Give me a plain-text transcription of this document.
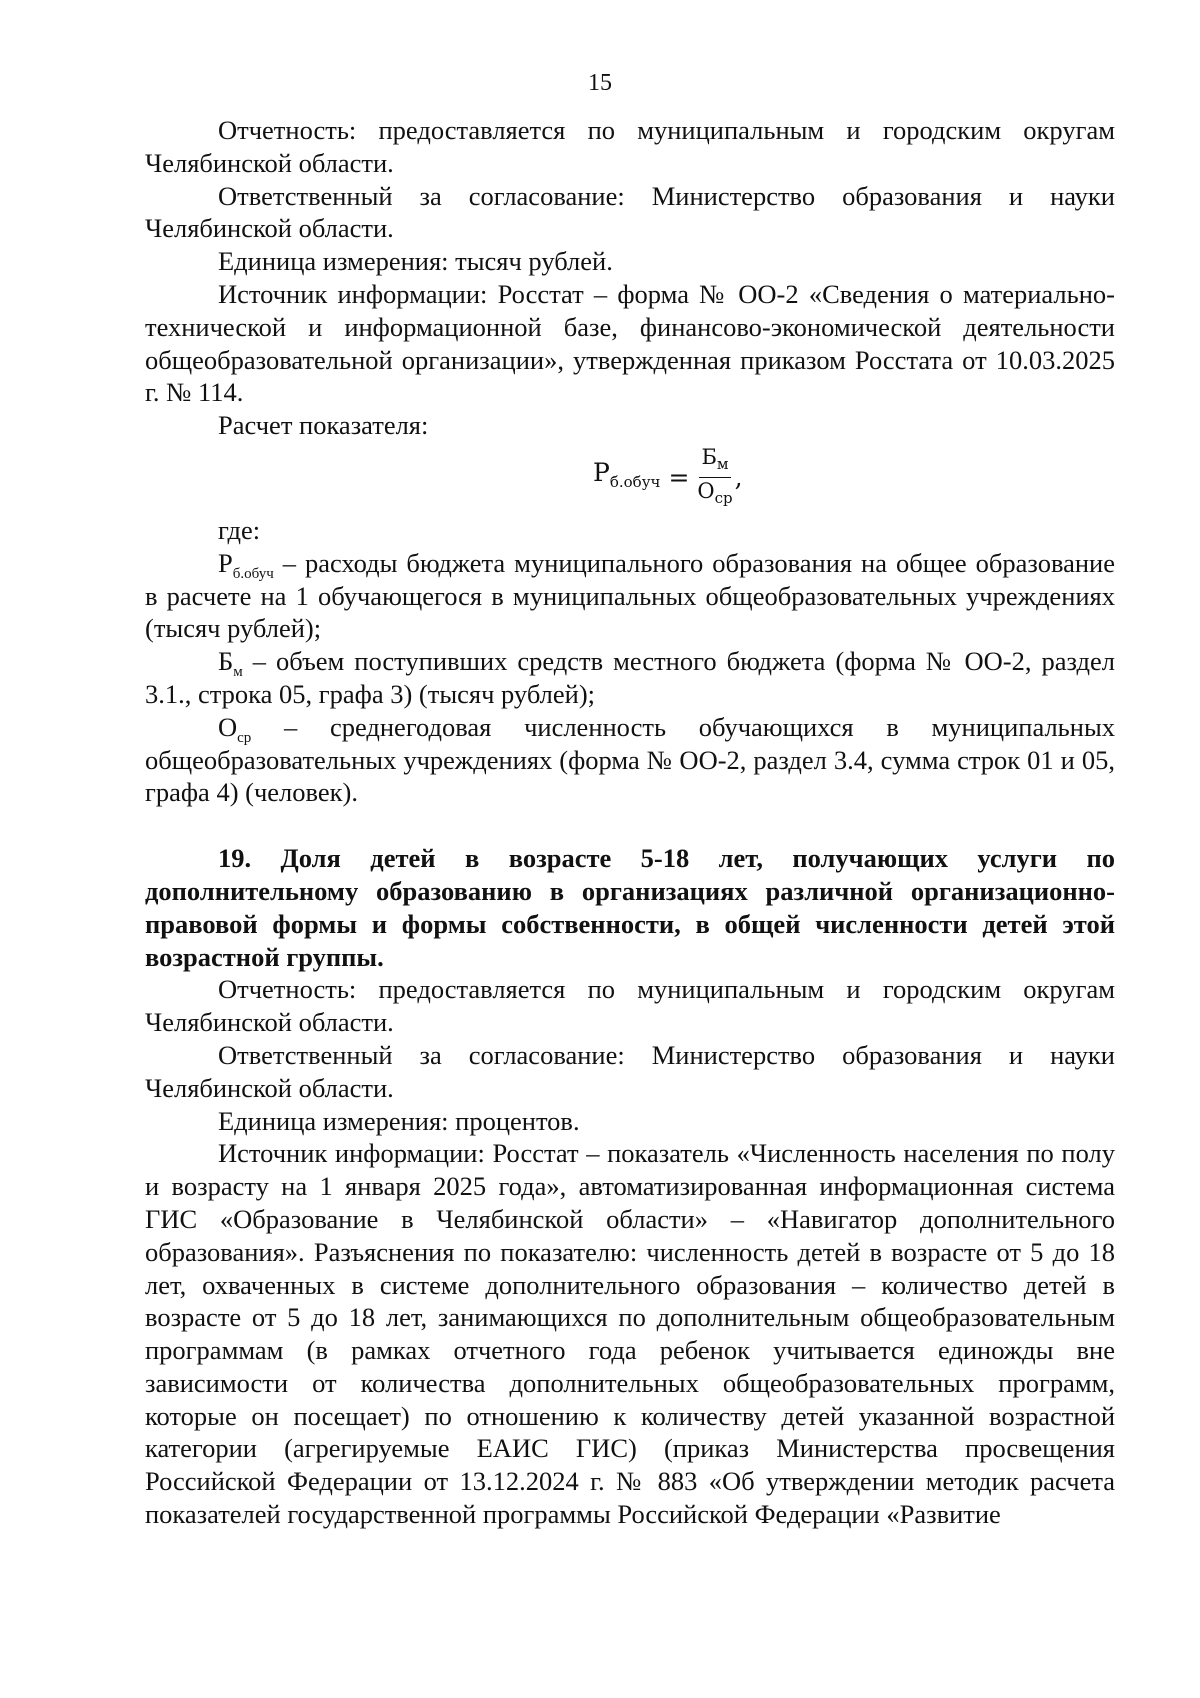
15

Отчетность: предоставляется по муниципальным и городским округам Челябинской области.

Ответственный за согласование: Министерство образования и науки Челябинской области.

Единица измерения: тысяч рублей.

Источник информации: Росстат – форма № ОО-2 «Сведения о материально-технической и информационной базе, финансово-экономической деятельности общеобразовательной организации», утвержденная приказом Росстата от 10.03.2025 г. № 114.

Расчет показателя:

$Р_{б.обуч} = \frac{Б_м}{О_{ср}}$ ,

где:

$Р_{б.обуч}$ – расходы бюджета муниципального образования на общее образование в расчете на 1 обучающегося в муниципальных общеобразовательных учреждениях (тысяч рублей);

$Б_м$ – объем поступивших средств местного бюджета (форма № ОО-2, раздел 3.1., строка 05, графа 3) (тысяч рублей);

$О_{ср}$ – среднегодовая численность обучающихся в муниципальных общеобразовательных учреждениях (форма № ОО-2, раздел 3.4, сумма строк 01 и 05, графа 4) (человек).

19. Доля детей в возрасте 5-18 лет, получающих услуги по дополнительному образованию в организациях различной организационно-правовой формы и формы собственности, в общей численности детей этой возрастной группы.

Отчетность: предоставляется по муниципальным и городским округам Челябинской области.

Ответственный за согласование: Министерство образования и науки Челябинской области.

Единица измерения: процентов.

Источник информации: Росстат – показатель «Численность населения по полу и возрасту на 1 января 2025 года», автоматизированная информационная система ГИС «Образование в Челябинской области» – «Навигатор дополнительного образования». Разъяснения по показателю: численность детей в возрасте от 5 до 18 лет, охваченных в системе дополнительного образования – количество детей в возрасте от 5 до 18 лет, занимающихся по дополнительным общеобразовательным программам (в рамках отчетного года ребенок учитывается единожды вне зависимости от количества дополнительных общеобразовательных программ, которые он посещает) по отношению к количеству детей указанной возрастной категории (агрегируемые ЕАИС ГИС) (приказ Министерства просвещения Российской Федерации от 13.12.2024 г. № 883 «Об утверждении методик расчета показателей государственной программы Российской Федерации «Развитие
